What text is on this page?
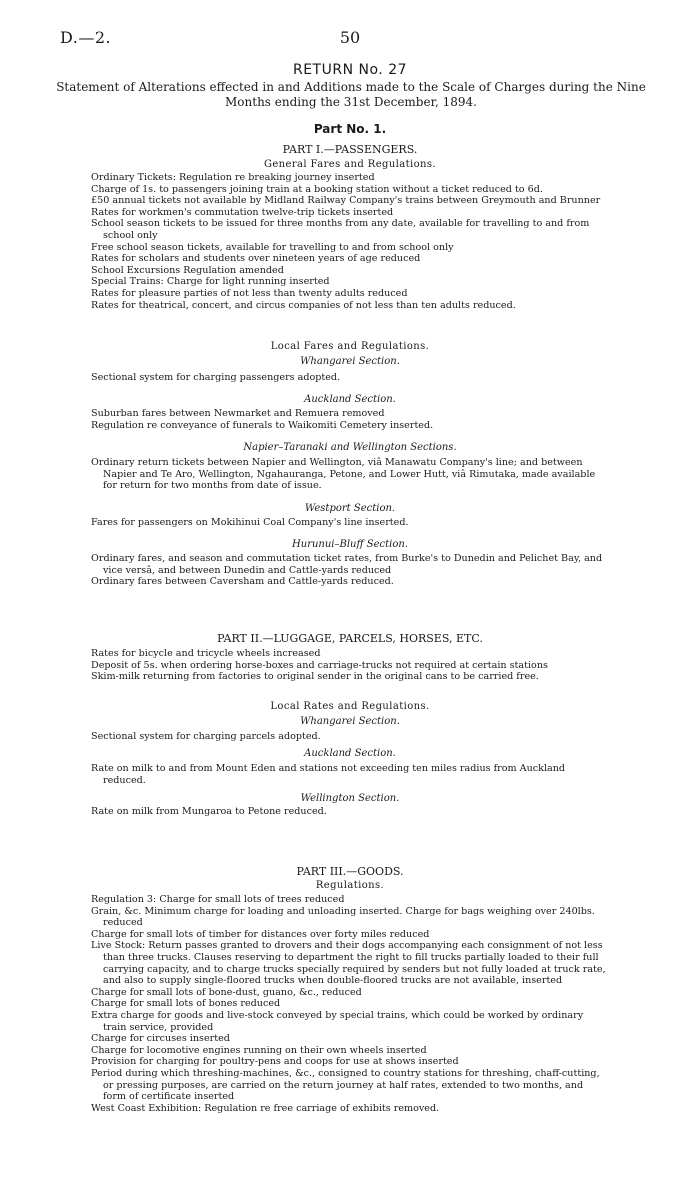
D.—2.	50
RETURN No. 27
Statement of Alterations effected in and Additions made to the Scale of Charges during the Nine Months ending the 31st December, 1894.
Part No. 1.
PART I.—PASSENGERS.
General Fares and Regulations.
Ordinary Tickets: Regulation re breaking journey inserted
Charge of 1s. to passengers joining train at a booking station without a ticket reduced to 6d.
£50 annual tickets not available by Midland Railway Company's trains between Greymouth and Brunner
Rates for workmen's commutation twelve-trip tickets inserted
School season tickets to be issued for three months from any date, available for travelling to and from school only
Free school season tickets, available for travelling to and from school only
Rates for scholars and students over nineteen years of age reduced
School Excursions Regulation amended
Special Trains: Charge for light running inserted
Rates for pleasure parties of not less than twenty adults reduced
Rates for theatrical, concert, and circus companies of not less than ten adults reduced.
Local Fares and Regulations.
Whangarei Section.
Sectional system for charging passengers adopted.
Auckland Section.
Suburban fares between Newmarket and Remuera removed
Regulation re conveyance of funerals to Waikomiti Cemetery inserted.
Napier–Taranaki and Wellington Sections.
Ordinary return tickets between Napier and Wellington, viâ Manawatu Company's line; and between Napier and Te Aro, Wellington, Ngahauranga, Petone, and Lower Hutt, viâ Rimutaka, made available for return for two months from date of issue.
Westport Section.
Fares for passengers on Mokihinui Coal Company's line inserted.
Hurunui–Bluff Section.
Ordinary fares, and season and commutation ticket rates, from Burke's to Dunedin and Pelichet Bay, and vice versâ, and between Dunedin and Cattle-yards reduced
Ordinary fares between Caversham and Cattle-yards reduced.
PART II.—LUGGAGE, PARCELS, HORSES, ETC.
Rates for bicycle and tricycle wheels increased
Deposit of 5s. when ordering horse-boxes and carriage-trucks not required at certain stations
Skim-milk returning from factories to original sender in the original cans to be carried free.
Local Rates and Regulations.
Whangarei Section.
Sectional system for charging parcels adopted.
Auckland Section.
Rate on milk to and from Mount Eden and stations not exceeding ten miles radius from Auckland reduced.
Wellington Section.
Rate on milk from Mungaroa to Petone reduced.
PART III.—GOODS.
Regulations.
Regulation 3: Charge for small lots of trees reduced
Grain, &c. Minimum charge for loading and unloading inserted. Charge for bags weighing over 240lbs. reduced
Charge for small lots of timber for distances over forty miles reduced
Live Stock: Return passes granted to drovers and their dogs accompanying each consignment of not less than three trucks. Clauses reserving to department the right to fill trucks partially loaded to their full carrying capacity, and to charge trucks specially required by senders but not fully loaded at truck rate, and also to supply single-floored trucks when double-floored trucks are not available, inserted
Charge for small lots of bone-dust, guano, &c., reduced
Charge for small lots of bones reduced
Extra charge for goods and live-stock conveyed by special trains, which could be worked by ordinary train service, provided
Charge for circuses inserted
Charge for locomotive engines running on their own wheels inserted
Provision for charging for poultry-pens and coops for use at shows inserted
Period during which threshing-machines, &c., consigned to country stations for threshing, chaff-cutting, or pressing purposes, are carried on the return journey at half rates, extended to two months, and form of certificate inserted
West Coast Exhibition: Regulation re free carriage of exhibits removed.
